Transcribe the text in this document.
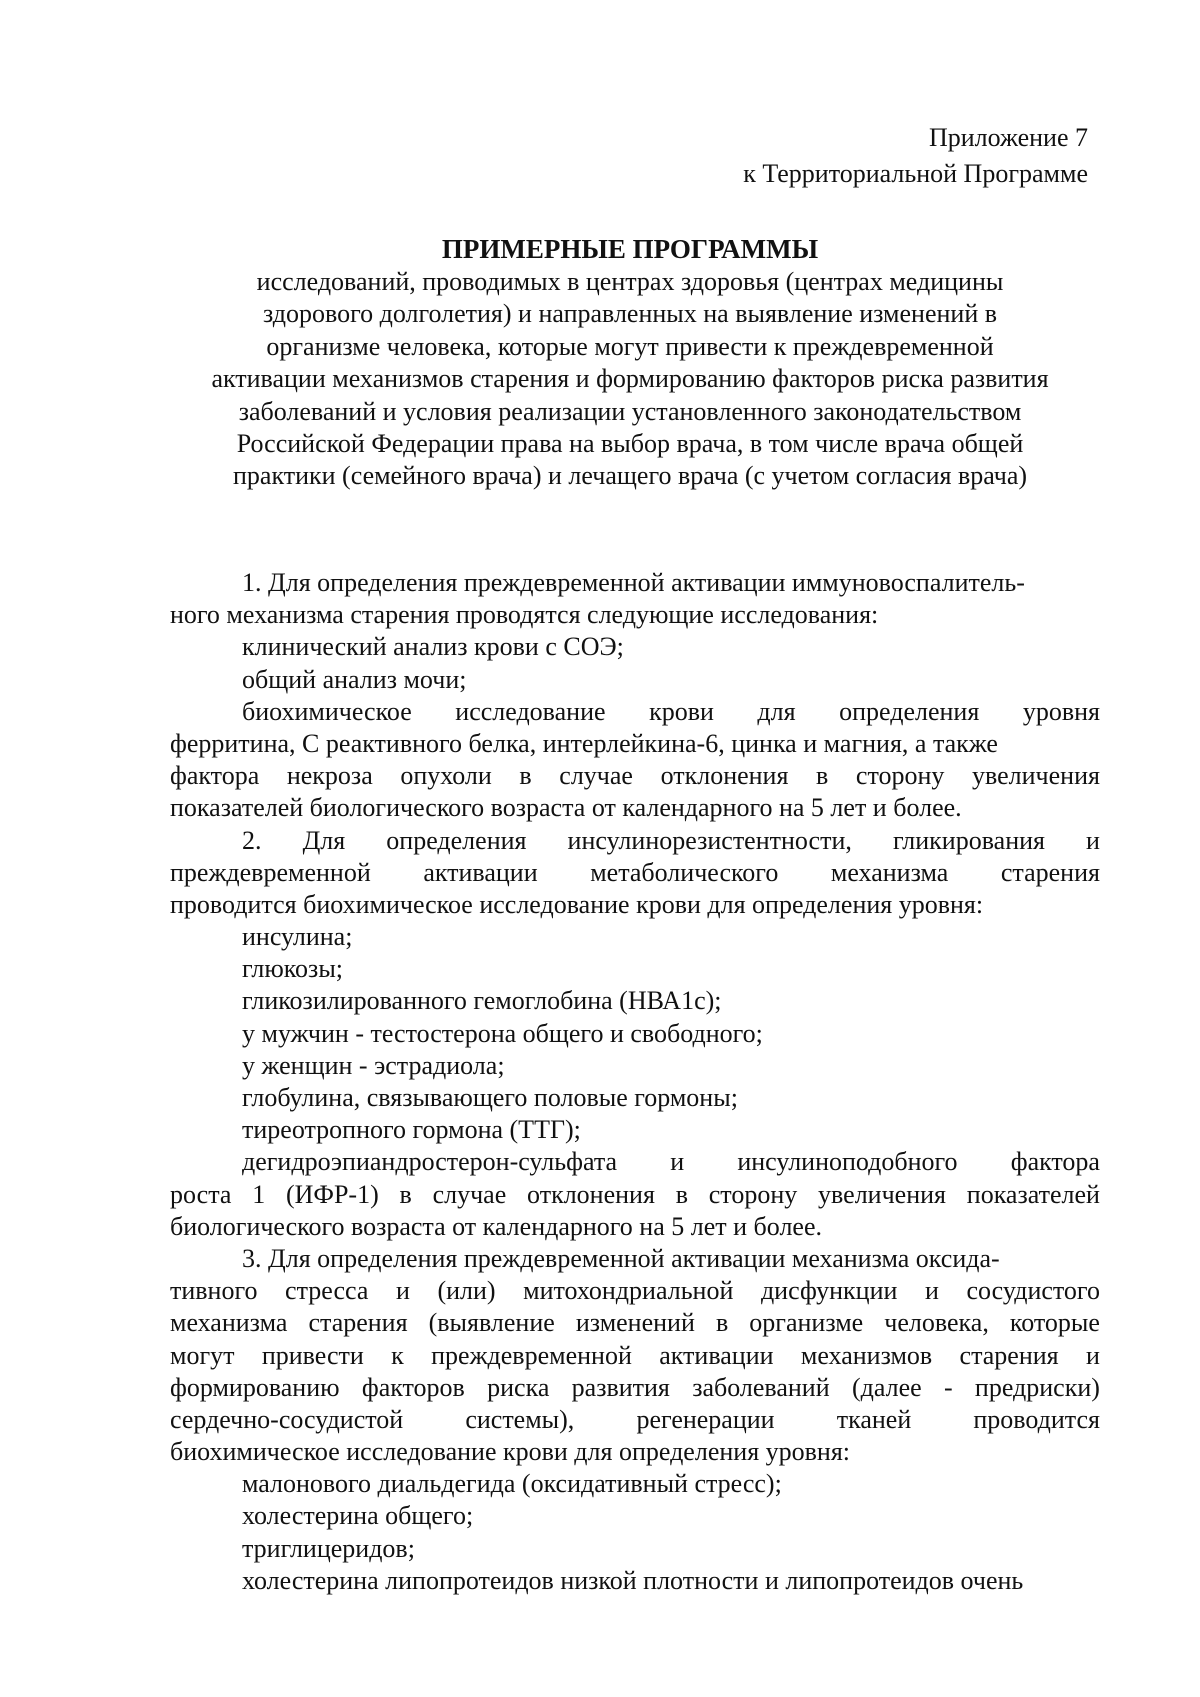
Приложение 7
к Территориальной Программе
ПРИМЕРНЫЕ ПРОГРАММЫ
исследований, проводимых в центрах здоровья (центрах медицины
здорового долголетия) и направленных на выявление изменений в
организме человека, которые могут привести к преждевременной
активации механизмов старения и формированию факторов риска развития
заболеваний и условия реализации установленного законодательством
Российской Федерации права на выбор врача, в том числе врача общей
практики (семейного врача) и лечащего врача (с учетом согласия врача)
1. Для определения преждевременной активации иммуновоспалитель-
ного механизма старения проводятся следующие исследования:
клинический анализ крови с СОЭ;
общий анализ мочи;
биохимическое исследование крови для определения уровня
ферритина, С реактивного белка, интерлейкина-6, цинка и магния, а также
фактора некроза опухоли в случае отклонения в сторону увеличения
показателей биологического возраста от календарного на 5 лет и более.
2. Для определения инсулинорезистентности, гликирования и
преждевременной активации метаболического механизма старения
проводится биохимическое исследование крови для определения уровня:
инсулина;
глюкозы;
гликозилированного гемоглобина (НВА1с);
у мужчин - тестостерона общего и свободного;
у женщин - эстрадиола;
глобулина, связывающего половые гормоны;
тиреотропного гормона (ТТГ);
дегидроэпиандростерон-сульфата и инсулиноподобного фактора
роста 1 (ИФР-1) в случае отклонения в сторону увеличения показателей
биологического возраста от календарного на 5 лет и более.
3. Для определения преждевременной активации механизма оксида-
тивного стресса и (или) митохондриальной дисфункции и сосудистого
механизма старения (выявление изменений в организме человека, которые
могут привести к преждевременной активации механизмов старения и
формированию факторов риска развития заболеваний (далее - предриски)
сердечно-сосудистой системы), регенерации тканей проводится
биохимическое исследование крови для определения уровня:
малонового диальдегида (оксидативный стресс);
холестерина общего;
триглицеридов;
холестерина липопротеидов низкой плотности и липопротеидов очень
